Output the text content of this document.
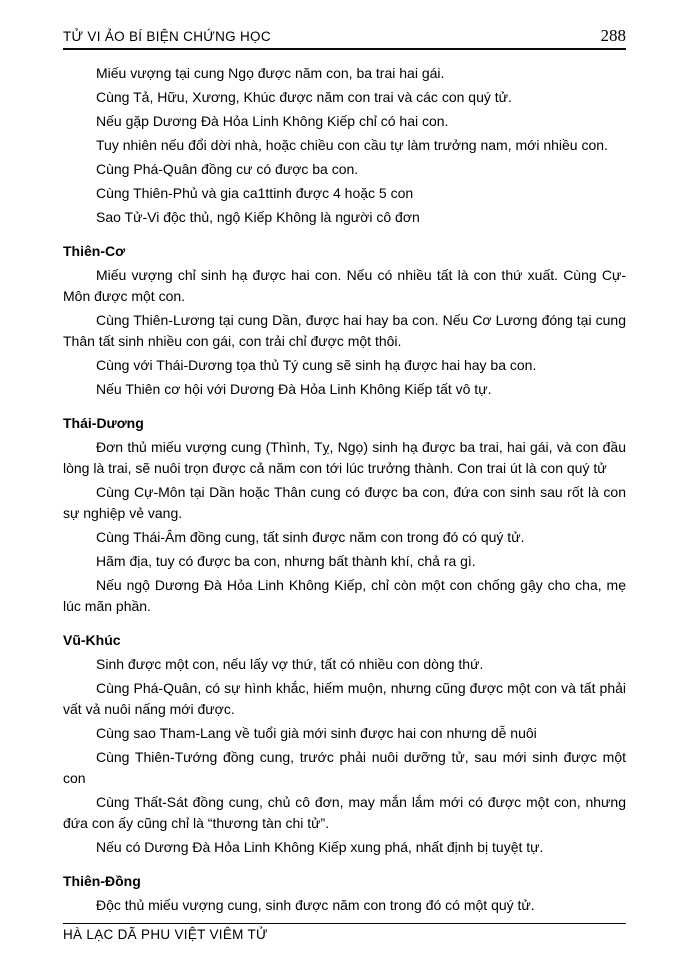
TỬ VI ẢO BÍ BIỆN CHỨNG HỌC	288

Miếu vượng tại cung Ngọ được năm con, ba trai hai gái.

Cùng Tả, Hữu, Xương, Khúc được năm con trai và các con quý tử.

Nếu gặp Dương Đà Hỏa Linh Không Kiếp chỉ có hai con.

Tuy nhiên nếu đổi dời nhà, hoặc chiều con cầu tự làm trưởng nam, mới nhiều con.

Cùng Phá-Quân đồng cư có được ba con.

Cùng Thiên-Phủ và gia ca1ttinh được 4 hoặc 5 con

Sao Tử-Vi độc thủ, ngộ Kiếp Không là người cô đơn

Thiên-Cơ

Miếu vượng chỉ sinh hạ được hai con. Nếu có nhiều tất là con thứ xuất. Cùng Cự-Môn được một con.

Cùng Thiên-Lương tại cung Dần, được hai hay ba con. Nếu Cơ Lương đóng tại cung Thân tất sinh nhiều con gái, con trải chỉ được một thôi.

Cùng với Thái-Dương tọa thủ Tý cung sẽ sinh hạ được hai hay ba con.

Nếu Thiên cơ hội với Dương Đà Hỏa Linh Không Kiếp tất vô tự.

Thái-Dương

Đơn thủ miếu vượng cung (Thình, Tỵ, Ngọ) sinh hạ được ba trai, hai gái, và con đầu lòng là trai, sẽ nuôi trọn được cả năm con tới lúc trưởng thành. Con trai út là con quý tử

Cùng Cự-Môn tại Dần hoặc Thân cung có được ba con, đứa con sinh sau rốt là con sự nghiệp vẻ vang.

Cùng Thái-Âm đồng cung, tất sinh được năm con trong đó có quý tử.

Hãm địa, tuy có được ba con, nhưng bất thành khí, chả ra gì.

Nếu ngộ Dương Đà Hỏa Linh Không Kiếp, chỉ còn một con chống gậy cho cha, mẹ lúc mãn phần.

Vũ-Khúc

Sinh được một con, nếu lấy vợ thứ, tất có nhiều con dòng thứ.

Cùng Phá-Quân, có sự hình khắc, hiếm muộn, nhưng cũng được một con và tất phải vất vả nuôi nấng mới được.

Cùng sao Tham-Lang về tuổi già mới sinh được hai con nhưng dễ nuôi

Cùng Thiên-Tướng đồng cung, trước phải nuôi dưỡng tử, sau mới sinh được một con

Cùng Thất-Sát đồng cung, chủ cô đơn, may mắn lắm mới có được một con, nhưng đứa con ấy cũng chỉ là “thương tàn chi tử”.

Nếu có Dương Đà Hỏa Linh Không Kiếp xung phá, nhất định bị tuyệt tự.

Thiên-Đồng

Độc thủ miếu vượng cung, sinh được năm con trong đó có một quý tử.

HÀ LẠC DÃ PHU VIỆT VIÊM TỬ
